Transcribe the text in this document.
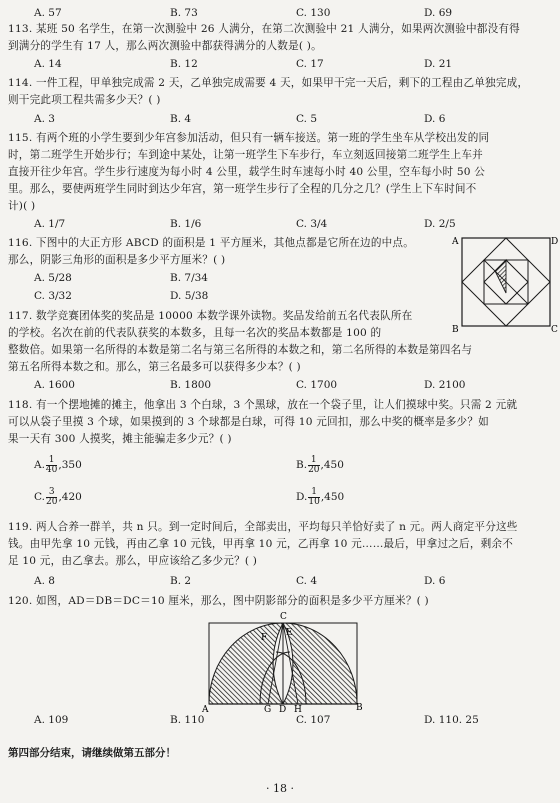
A. 57	B. 73	C. 130	D. 69
113. 某班 50 名学生，在第一次测验中 26 人满分，在第二次测验中 21 人满分，如果两次测验中都没有得
到满分的学生有 17 人，那么两次测验中都获得满分的人数是( )。
A. 14	B. 12	C. 17	D. 21
114. 一件工程，甲单独完成需 2 天，乙单独完成需要 4 天，如果甲干完一天后，剩下的工程由乙单独完成，
则干完此项工程共需多少天？( )
A. 3	B. 4	C. 5	D. 6
115. 有两个班的小学生要到少年宫参加活动，但只有一辆车接送。第一班的学生坐车从学校出发的同
时，第二班学生开始步行；车到途中某处，让第一班学生下车步行，车立刻返回接第二班学生上车并
直接开往少年宫。学生步行速度为每小时 4 公里，载学生时车速每小时 40 公里，空车每小时 50 公
里。那么，要使两班学生同时到达少年宫，第一班学生步行了全程的几分之几？(学生上下车时间不
计)( )
A. 1/7	B. 1/6	C. 3/4	D. 2/5
116. 下图中的大正方形 ABCD 的面积是 1 平方厘米，其他点都是它所在边的中点。
那么，阴影三角形的面积是多少平方厘米？( )
A. 5/28	B. 7/34
C. 3/32	D. 5/38
A	D
B	C
117. 数学竞赛团体奖的奖品是 10000 本数学课外读物。奖品发给前五名代表队所在
的学校。名次在前的代表队获奖的本数多，且每一名次的奖品本数都是 100 的
整数倍。如果第一名所得的本数是第二名与第三名所得的本数之和，第二名所得的本数是第四名与
第五名所得本数之和。那么，第三名最多可以获得多少本？( )
A. 1600	B. 1800	C. 1700	D. 2100
118. 有一个摆地摊的摊主，他拿出 3 个白球，3 个黑球，放在一个袋子里，让人们摸球中奖。只需 2 元就
可以从袋子里摸 3 个球，如果摸到的 3 个球都是白球，可得 10 元回扣，那么中奖的概率是多少？如
果一天有 300 人摸奖，摊主能骗走多少元？( )
A. $\frac{1}{40} ,350$	B. $\frac{1}{20} ,450$
C. $\frac{3}{20} ,420$	D. $\frac{1}{10} ,450$
119. 两人合养一群羊，共 n 只。到一定时间后，全部卖出，平均每只羊恰好卖了 n 元。两人商定平分这些
钱。由甲先拿 10 元钱，再由乙拿 10 元钱，甲再拿 10 元，乙再拿 10 元……最后，甲拿过之后，剩余不
足 10 元，由乙拿去。那么，甲应该给乙多少元？( )
A. 8	B. 2	C. 4	D. 6
120. 如图，AD＝DB＝DC＝10 厘米，那么，图中阴影部分的面积是多少平方厘米？( )
C
E
F
A	G D H	B
A. 109	B. 110	C. 107	D. 110. 25
第四部分结束，请继续做第五部分！
· 18 ·
